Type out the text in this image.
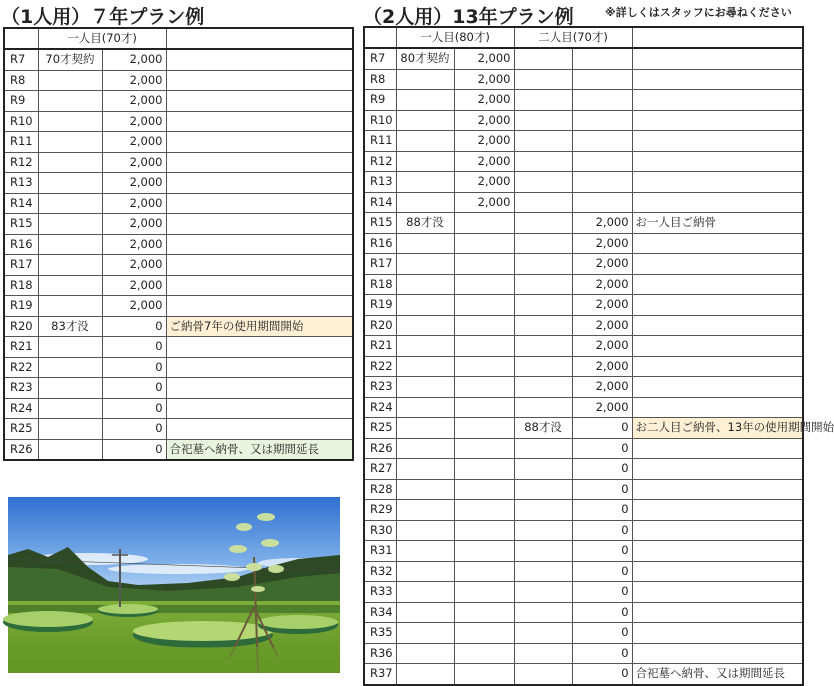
（1人用）７年プラン例	（2人用）13年プラン例	※詳しくはスタッフにお尋ねください
	一人目(70才)		
R7	70才契約	2,000	
R8		2,000	
R9		2,000	
R10		2,000	
R11		2,000	
R12		2,000	
R13		2,000	
R14		2,000	
R15		2,000	
R16		2,000	
R17		2,000	
R18		2,000	
R19		2,000	
R20	83才没	0	ご納骨7年の使用期間開始
R21		0	
R22		0	
R23		0	
R24		0	
R25		0	
R26		0	合祀墓へ納骨、又は期間延長
	一人目(80才)		二人目(70才)		
R7	80才契約	2,000			
R8		2,000			
R9		2,000			
R10		2,000			
R11		2,000			
R12		2,000			
R13		2,000			
R14		2,000			
R15	88才没			2,000	お一人目ご納骨
R16				2,000	
R17				2,000	
R18				2,000	
R19				2,000	
R20				2,000	
R21				2,000	
R22				2,000	
R23				2,000	
R24				2,000	
R25			88才没	0	お二人目ご納骨、13年の使用期間開始
R26				0	
R27				0	
R28				0	
R29				0	
R30				0	
R31				0	
R32				0	
R33				0	
R34				0	
R35				0	
R36				0	
R37				0	合祀墓へ納骨、又は期間延長
